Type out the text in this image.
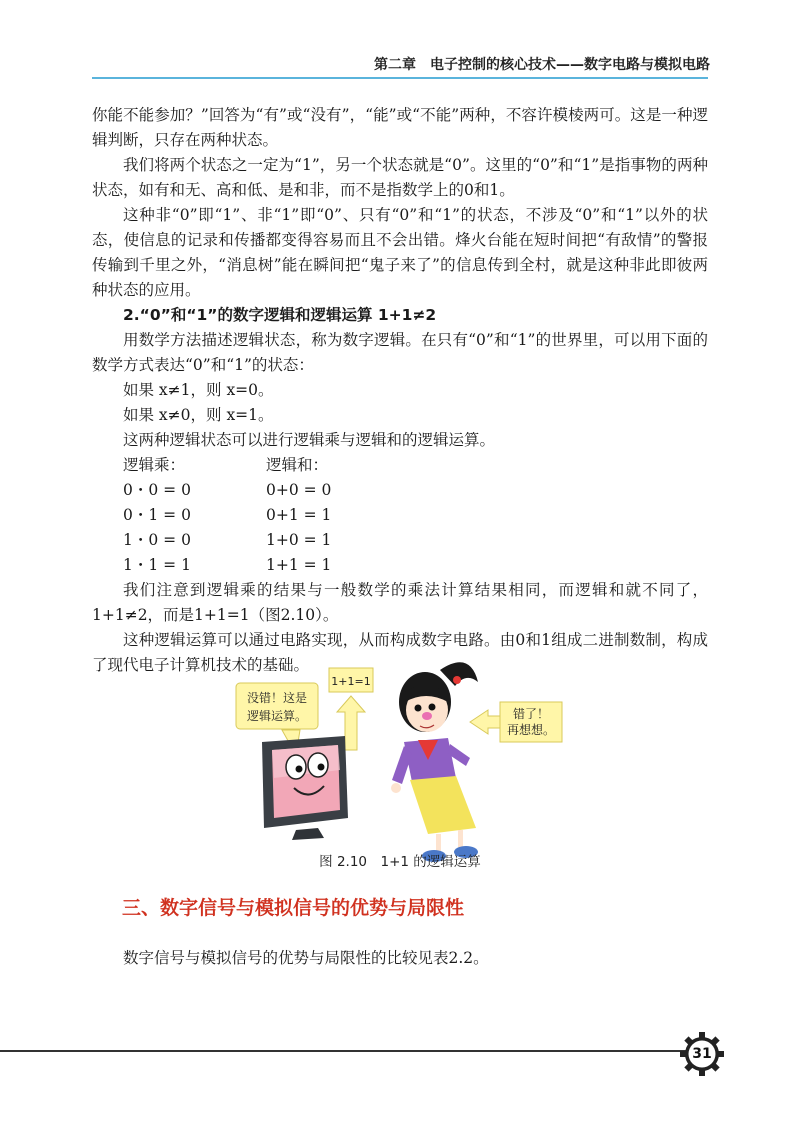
第二章　电子控制的核心技术——数字电路与模拟电路

你能不能参加？”回答为“有”或“没有”，“能”或“不能”两种，不容许模棱两可。这是一种逻辑判断，只存在两种状态。

我们将两个状态之一定为“1”，另一个状态就是“0”。这里的“0”和“1”是指事物的两种状态，如有和无、高和低、是和非，而不是指数学上的0和1。

这种非“0”即“1”、非“1”即“0”、只有“0”和“1”的状态，不涉及“0”和“1”以外的状态，使信息的记录和传播都变得容易而且不会出错。烽火台能在短时间把“有敌情”的警报传输到千里之外，“消息树”能在瞬间把“鬼子来了”的信息传到全村，就是这种非此即彼两种状态的应用。

2.“0”和“1”的数字逻辑和逻辑运算 1+1≠2

用数学方法描述逻辑状态，称为数字逻辑。在只有“0”和“1”的世界里，可以用下面的数学方式表达“0”和“1”的状态：

如果 x≠1，则 x=0。

如果 x≠0，则 x=1。

这两种逻辑状态可以进行逻辑乘与逻辑和的逻辑运算。

逻辑乘：	逻辑和：
0・0 = 0	0+0 = 0
0・1 = 0	0+1 = 1
1・0 = 0	1+0 = 1
1・1 = 1	1+1 = 1

我们注意到逻辑乘的结果与一般数学的乘法计算结果相同，而逻辑和就不同了，1+1≠2，而是1+1=1（图2.10）。

这种逻辑运算可以通过电路实现，从而构成数字电路。由0和1组成二进制数制，构成了现代电子计算机技术的基础。

没错！这是
逻辑运算。
1+1=1
错了！
再想想。
图 2.10　1+1 的逻辑运算
三、数字信号与模拟信号的优势与局限性

数字信号与模拟信号的优势与局限性的比较见表2.2。

31
